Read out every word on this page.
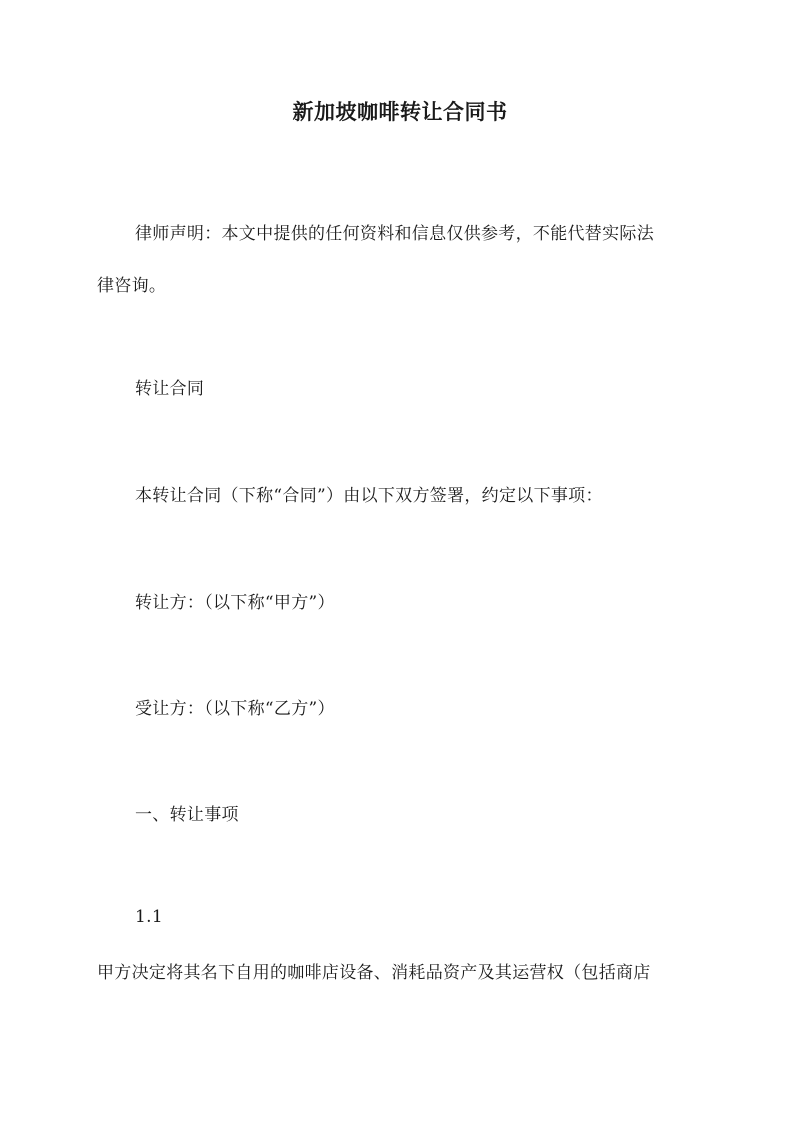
新加坡咖啡转让合同书
律师声明：本文中提供的任何资料和信息仅供参考，不能代替实际法
律咨询。
转让合同
本转让合同（下称“合同”）由以下双方签署，约定以下事项：
转让方：（以下称“甲方”）
受让方：（以下称“乙方”）
一、转让事项
1.1
甲方决定将其名下自用的咖啡店设备、消耗品资产及其运营权（包括商店
